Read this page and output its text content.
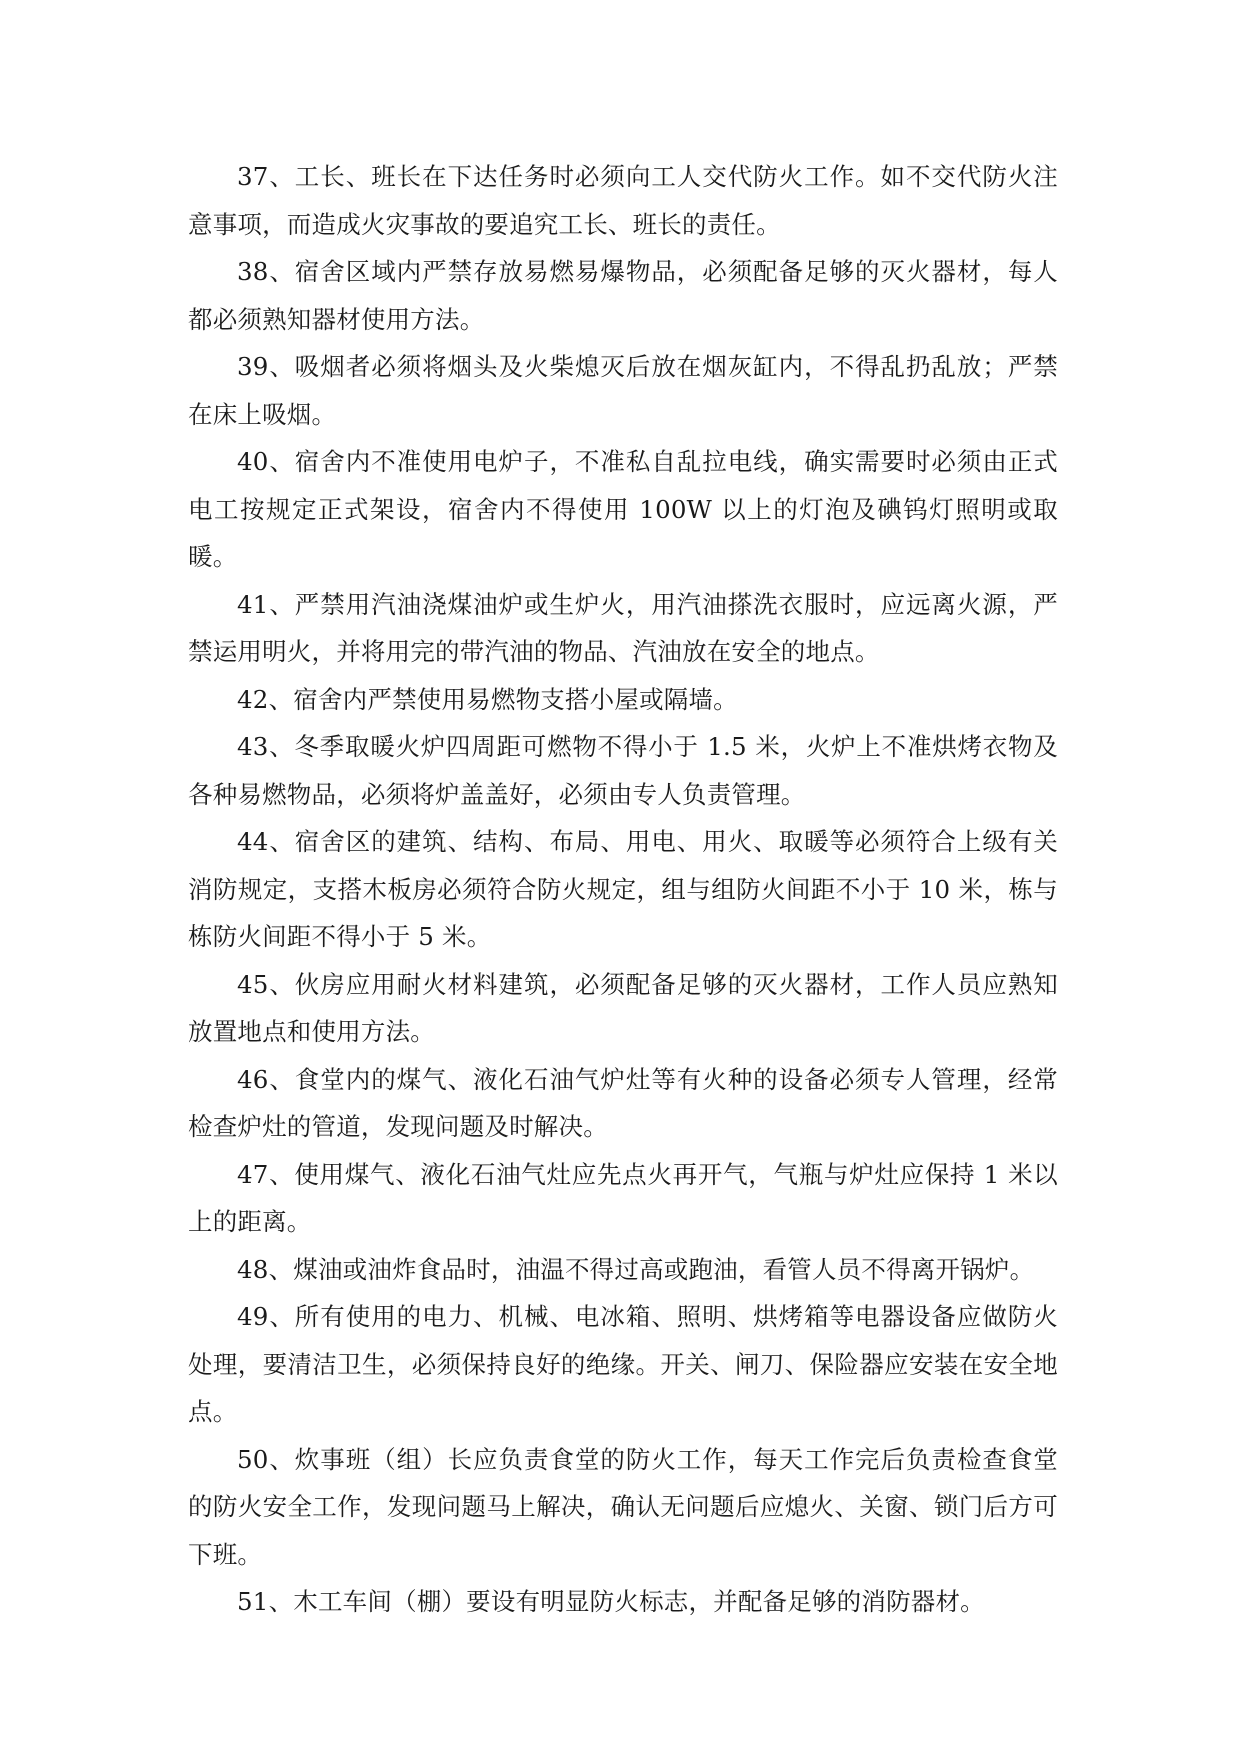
37、工长、班长在下达任务时必须向工人交代防火工作。如不交代防火注意事项，而造成火灾事故的要追究工长、班长的责任。

38、宿舍区域内严禁存放易燃易爆物品，必须配备足够的灭火器材，每人都必须熟知器材使用方法。

39、吸烟者必须将烟头及火柴熄灭后放在烟灰缸内，不得乱扔乱放；严禁在床上吸烟。

40、宿舍内不准使用电炉子，不准私自乱拉电线，确实需要时必须由正式电工按规定正式架设，宿舍内不得使用 100W 以上的灯泡及碘钨灯照明或取暖。

41、严禁用汽油浇煤油炉或生炉火，用汽油搽洗衣服时，应远离火源，严禁运用明火，并将用完的带汽油的物品、汽油放在安全的地点。

42、宿舍内严禁使用易燃物支搭小屋或隔墙。

43、冬季取暖火炉四周距可燃物不得小于 1.5 米，火炉上不准烘烤衣物及各种易燃物品，必须将炉盖盖好，必须由专人负责管理。

44、宿舍区的建筑、结构、布局、用电、用火、取暖等必须符合上级有关消防规定，支搭木板房必须符合防火规定，组与组防火间距不小于 10 米，栋与栋防火间距不得小于 5 米。

45、伙房应用耐火材料建筑，必须配备足够的灭火器材，工作人员应熟知放置地点和使用方法。

46、食堂内的煤气、液化石油气炉灶等有火种的设备必须专人管理，经常检查炉灶的管道，发现问题及时解决。

47、使用煤气、液化石油气灶应先点火再开气，气瓶与炉灶应保持 1 米以上的距离。

48、煤油或油炸食品时，油温不得过高或跑油，看管人员不得离开锅炉。

49、所有使用的电力、机械、电冰箱、照明、烘烤箱等电器设备应做防火处理，要清洁卫生，必须保持良好的绝缘。开关、闸刀、保险器应安装在安全地点。

50、炊事班（组）长应负责食堂的防火工作，每天工作完后负责检查食堂的防火安全工作，发现问题马上解决，确认无问题后应熄火、关窗、锁门后方可下班。

51、木工车间（棚）要设有明显防火标志，并配备足够的消防器材。
